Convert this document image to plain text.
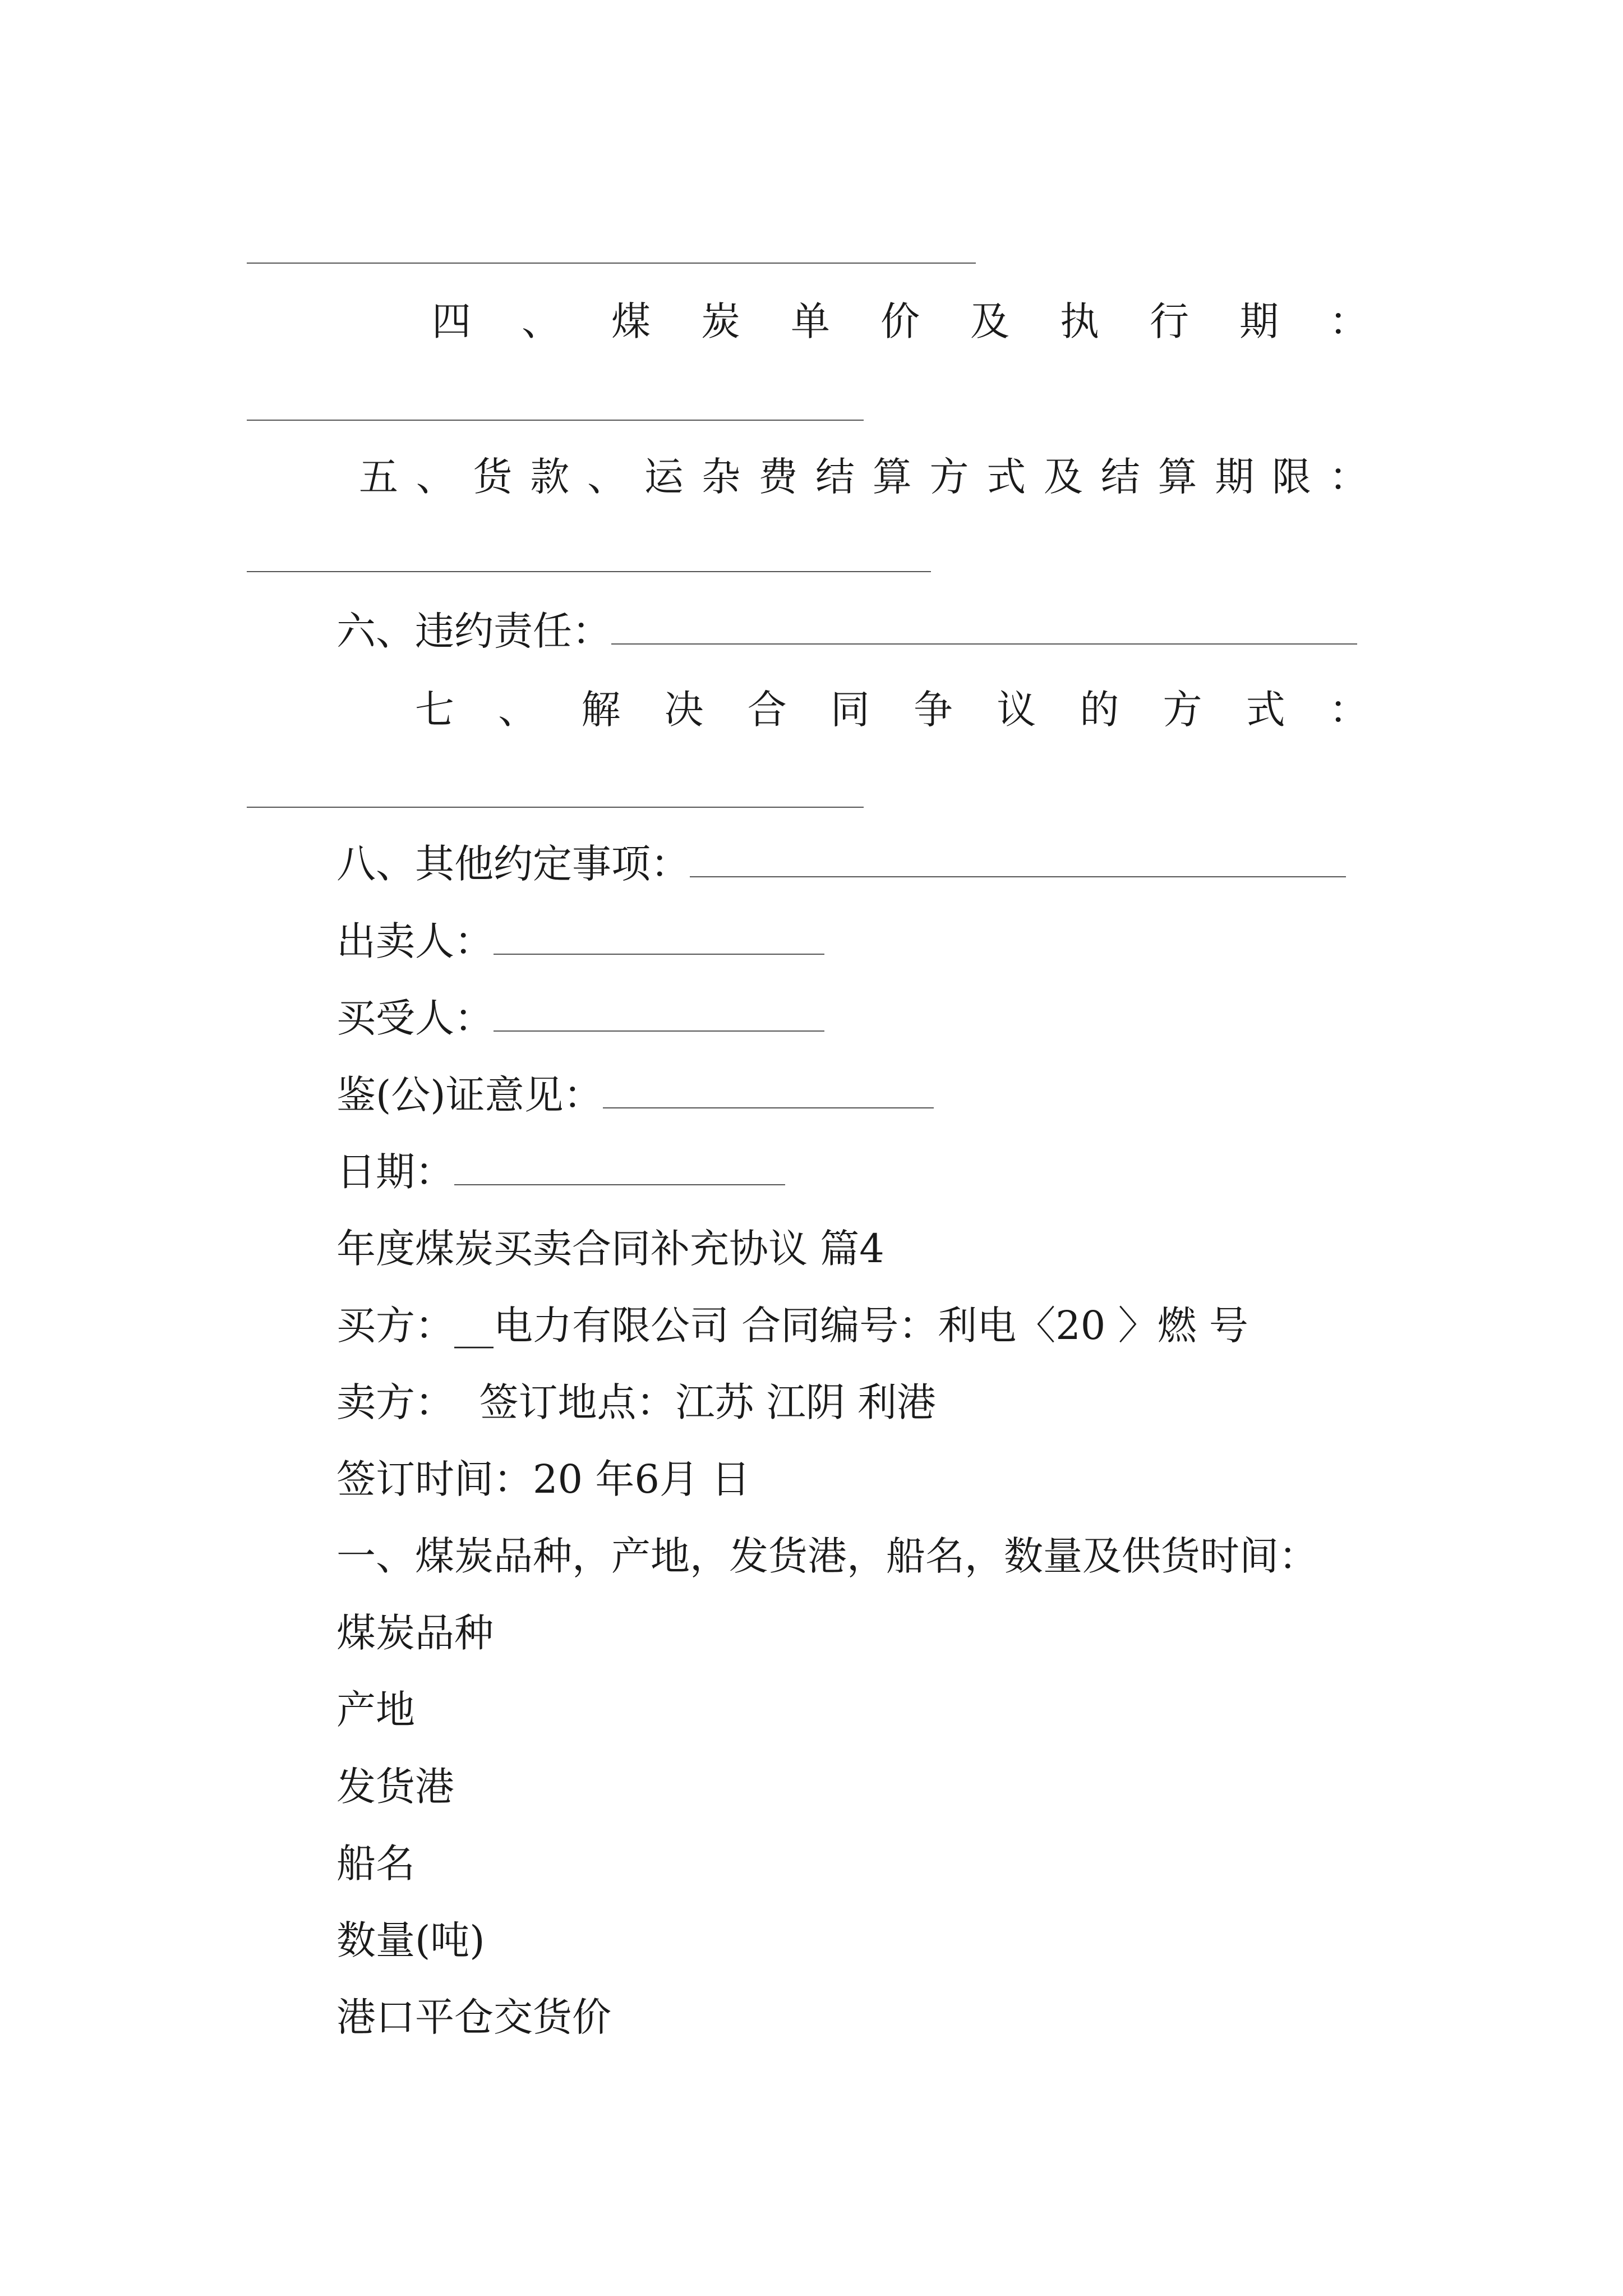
四 、 煤 炭 单 价 及 执 行 期 ：
五 、 货 款 、 运 杂 费 结 算 方 式 及 结 算 期 限 ：
六、违约责任：
七 、 解 决 合 同 争 议 的 方 式 ：
八、其他约定事项：
出卖人：
买受人：
鉴(公)证意见：
日期：
年度煤炭买卖合同补充协议 篇4
买方：__电力有限公司 合同编号：利电〈20 〉燃 号
卖方：  签订地点：江苏 江阴 利港
签订时间：20 年6月 日
一、煤炭品种，产地，发货港，船名，数量及供货时间：
煤炭品种
产地
发货港
船名
数量(吨)
港口平仓交货价
